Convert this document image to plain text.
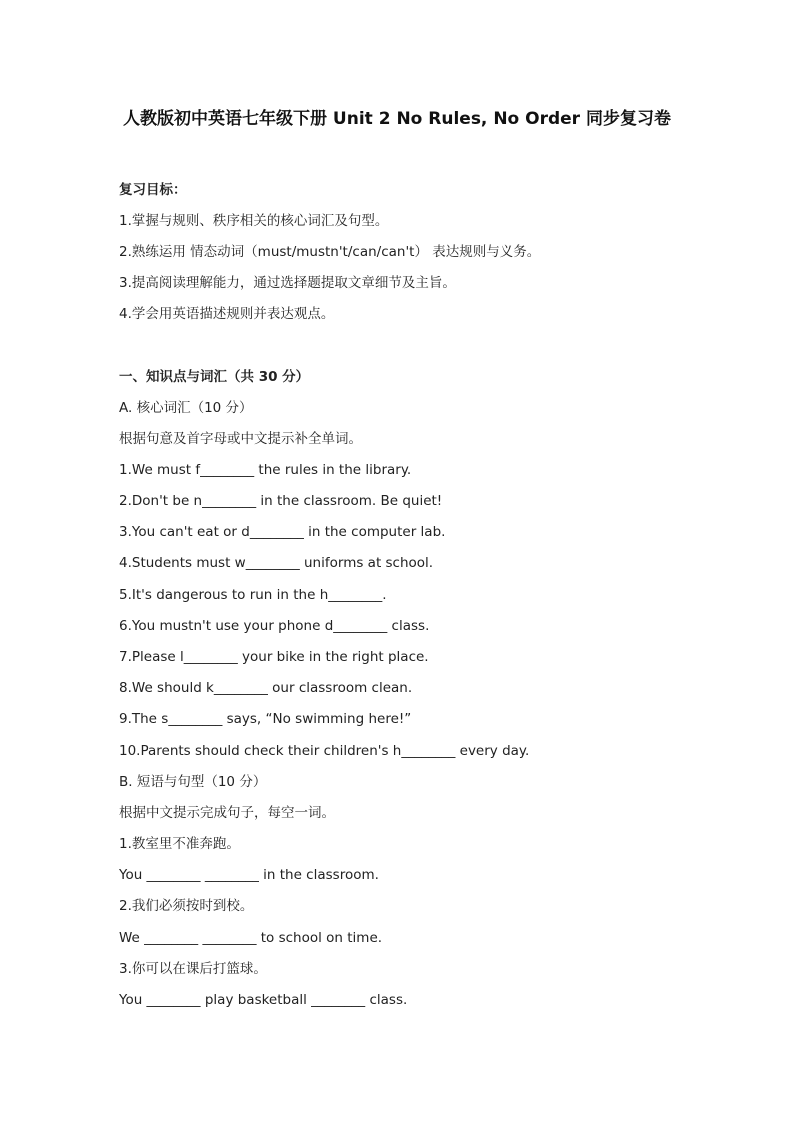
人教版初中英语七年级下册 Unit 2 No Rules, No Order 同步复习卷
复习目标：
1.掌握与规则、秩序相关的核心词汇及句型。
2.熟练运用 情态动词（must/mustn't/can/can't） 表达规则与义务。
3.提高阅读理解能力，通过选择题提取文章细节及主旨。
4.学会用英语描述规则并表达观点。
一、知识点与词汇（共 30 分）
A. 核心词汇（10 分）
根据句意及首字母或中文提示补全单词。
1.We must f________ the rules in the library.
2.Don't be n________ in the classroom. Be quiet!
3.You can't eat or d________ in the computer lab.
4.Students must w________ uniforms at school.
5.It's dangerous to run in the h________.
6.You mustn't use your phone d________ class.
7.Please l________ your bike in the right place.
8.We should k________ our classroom clean.
9.The s________ says, “No swimming here!”
10.Parents should check their children's h________ every day.
B. 短语与句型（10 分）
根据中文提示完成句子，每空一词。
1.教室里不准奔跑。
You ________ ________ in the classroom.
2.我们必须按时到校。
We ________ ________ to school on time.
3.你可以在课后打篮球。
You ________ play basketball ________ class.
